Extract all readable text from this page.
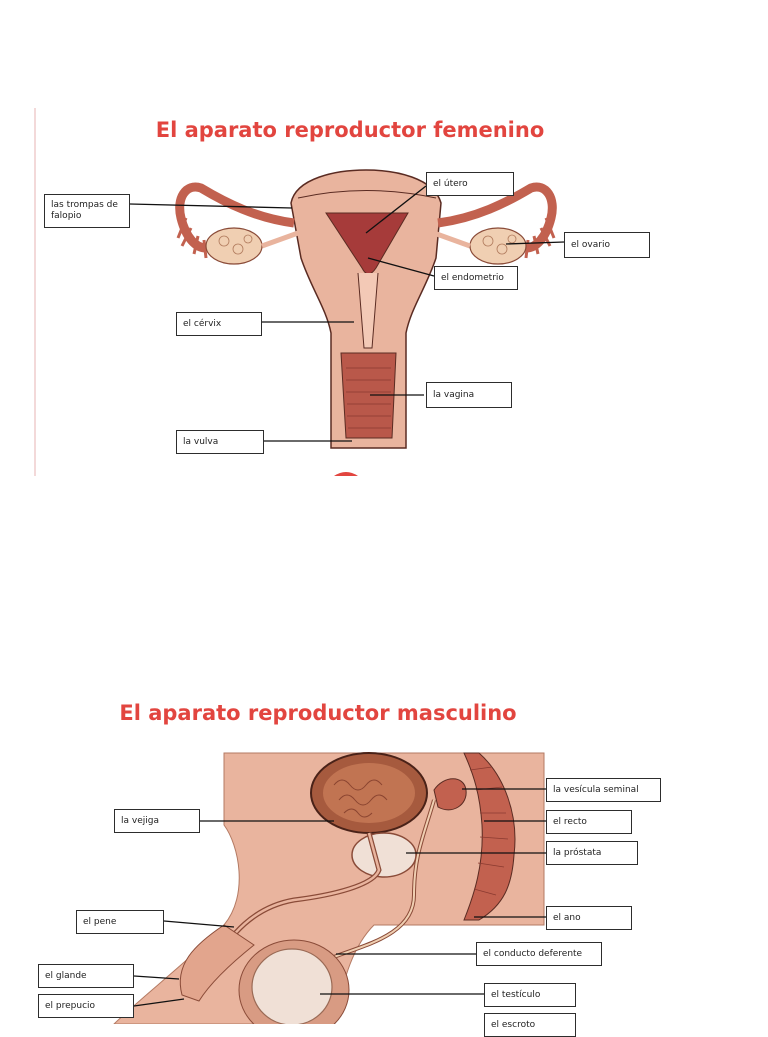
El aparato reproductor femenino
las trompas de falopio
el útero
el endometrio
el ovario
el cérvix
la vagina
la vulva
El aparato reproductor masculino
la vesícula seminal
la vejiga	el recto
la próstata
el pene	el ano
el conducto deferente
el glande
el testículo
el prepucio
el escroto
